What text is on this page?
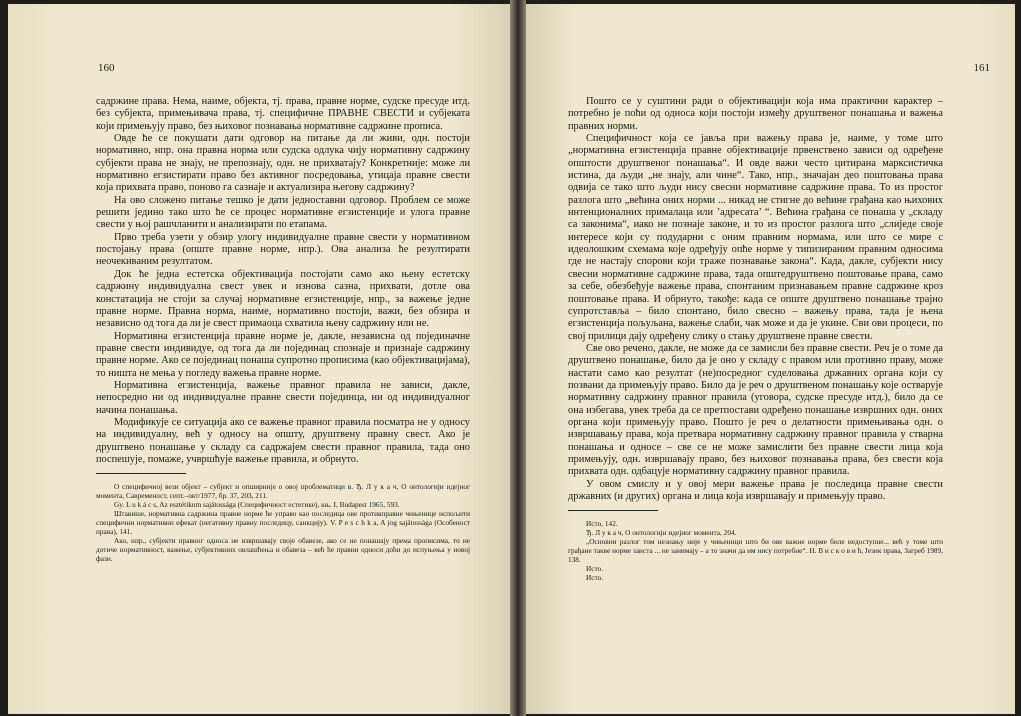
160

садржине права. Нема, наиме, објекта, тј. права, правне норме, судске пресуде итд. без субјекта, примењивача права, тј. специфичне ПРАВНЕ СВЕСТИ и субјеката који примењују право, без њиховог познавања нормативне садржине прописа.

Овде ће се покушати дати одговор на питање да ли живи, одн. постоји нормативно, нпр. она правна норма или судска одлука чију нормативну садржину субјекти права не знају, не препознају, одн. не прихватају? Конкретније: може ли нормативно егзистирати право без активног посредовања, утицаја правне свести која прихвата право, поново га сазнаје и актуализира његову садржину?

На ово сложено питање тешко је дати једноставни одговор. Проблем се може решити једино тако што ће се процес нормативне егзистенције и улога правне свести у њој рашчланити и анализирати по етапама.

Прво треба узети у обзир улогу индивидуалне правне свести у нормативном постојању права (опште правне норме, нпр.). Ова анализа ће резултирати неочекиваним резултатом.

Док ће једна естетска објективација постојати само ако њену естетску садржину индивидуална свест увек и изнова сазна, прихвати, дотле ова констатација не стоји за случај нормативне егзистенције, нпр., за важење једне правне норме. Правна норма, наиме, нормативно постоји, важи, без обзира и независно од тога да ли је свест примаоца схватила њену садржину или не.

Нормативна егзистенција правне норме је, дакле, независна од појединачне правне свести индивидуе, од тога да ли појединац спознаје и признаје садржину правне норме. Ако се појединац понаша супротно прописима (као објективацијама), то ништа не мења у погледу важења правне норме.

Нормативна егзистенција, важење правног правила не зависи, дакле, непосредно ни од индивидуалне правне свести појединца, ни од индивидуалног начина понашања.

Модификује се ситуација ако се важење правног правила посматра не у односу на индивидуалну, већ у односу на општу, друштвену правну свест. Ако је друштвено понашање у складу са садржајем свести правног правила, тада оно поспешује, помаже, учвршћује важење правила, и обрнуто.

О специфичној вези објект – субјект и опширније о овој проблематици в. Ђ. Л у к а ч, О онтологији идејног момента, Савременост, септ.–окт/1977, бр. 37, 203, 211.

Gy. L u k á c s, Az esztétikum sajátossága (Специфичност естетике), књ. I, Budapest 1965, 593.

Штавише, нормативна садржина правне норме ће управо као последица ове противправне чињенице испољити специфични нормативни ефекат (негативну правну последицу, санкцију). V. P e s c h k a, A jog sajátossága (Особеност права), 141.

Ако, нпр., субјекти правног односа не извршавају своје обавезе, ако се не понашају према прописима, то не дотиче нормативност, важење, субјективних овлашћења и обавеза – већ ће правни односи доћи до испуњења у новој фази.

161

Пошто се у суштини ради о објективацији која има практични карактер – потребно је поћи од односа који постоји између друштвеног понашања и важења правних норми.

Специфичност која се јавља при важењу права је, наиме, у томе што „нормативна егзистенција правне објективације првенствено зависи од одређене општости друштвеног понашања“. И овде важи често цитирана марксистичка истина, да људи „не знају, али чине“. Тако, нпр., значајан део поштовања права одвија се тако што људи нису свесни нормативне садржине права. То из простог разлога што „већина оних норми ... никад не стигне до већине грађана као њихових интенционалних прималаца или ’адресата’ “. Већина грађана се понаша у „складу са законима“, иако не познаје законе, и то из простог разлога што „слиједе своје интересе који су подударни с оним правним нормама, или што се мире с идеолошким схемама које одређују опће норме у типизираним правним односима где не настају спорови који траже познавање закона“. Када, дакле, субјекти нису свесни нормативне садржине права, тада општедруштвено поштовање права, само за себе, обезбеђује важење права, спонтаним признавањем правне садржине кроз поштовање права. И обрнуто, такође: када се опште друштвено понашање трајно супротставља – било спонтано, било свесно – важењу права, тада је њена егзистенција пољуљана, важење слаби, чак може и да је укине. Сви ови процеси, по свој прилици дају одређену слику о стању друштвене правне свести.

Све ово речено, дакле, не може да се замисли без правне свести. Реч је о томе да друштвено понашање, било да је оно у складу с правом или противно праву, може настати само као резултат (не)посредног суделовања државних органа који су позвани да примењују право. Било да је реч о друштвеном понашању које остварује нормативну садржину правног правила (уговора, судске пресуде итд.), било да се она избегава, увек треба да се претпостави одређено понашање извршних одн. оних органа који примењују право. Пошто је реч о делатности примењивања одн. о извршавању права, која претвара нормативну садржину правног правила у стварна понашања и односе – све се не може замислити без правне свести лица која примењују, одн. извршавају право, без њиховог познавања права, без свести која прихвата одн. одбацује нормативну садржину правног правила.

У овом смислу и у овој мери важење права је последица правне свести државних (и других) органа и лица која извршавају и примењују право.

Исто, 142.

Ђ. Л у к а ч, О онтологији идејног момента, 204.

„Основни разлог том незнању није у чињеници што би ове важне норме биле недоступне... већ у томе што грађане такве норме заиста ... не занимају – а то значи да им нису потребне“. Н. В и с к о в и ћ, Језик права, Загреб 1989, 138.

Исто.

Исто.
